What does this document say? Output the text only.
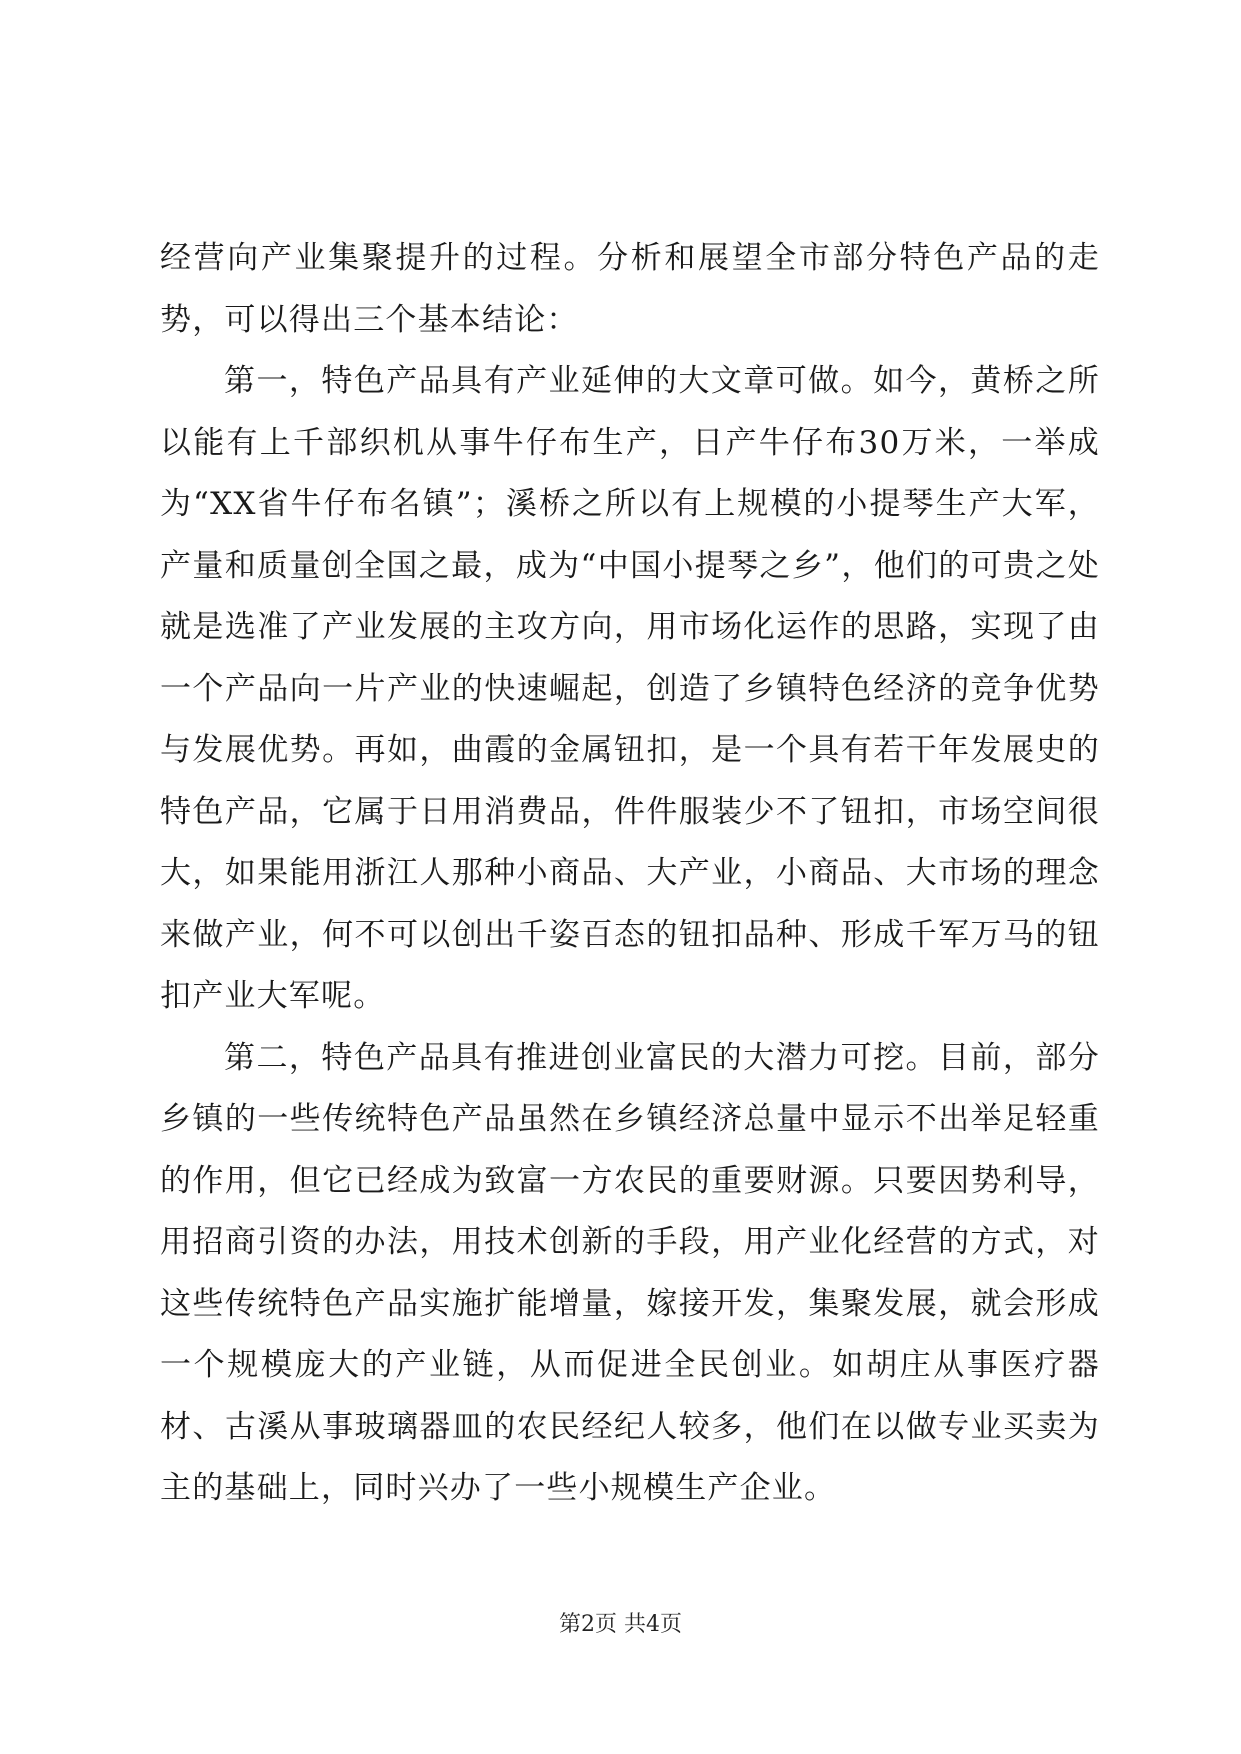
经营向产业集聚提升的过程。分析和展望全市部分特色产品的走势，可以得出三个基本结论：

第一，特色产品具有产业延伸的大文章可做。如今，黄桥之所以能有上千部织机从事牛仔布生产，日产牛仔布30万米，一举成为“XX省牛仔布名镇”；溪桥之所以有上规模的小提琴生产大军，产量和质量创全国之最，成为“中国小提琴之乡”，他们的可贵之处就是选准了产业发展的主攻方向，用市场化运作的思路，实现了由一个产品向一片产业的快速崛起，创造了乡镇特色经济的竞争优势与发展优势。再如，曲霞的金属钮扣，是一个具有若干年发展史的特色产品，它属于日用消费品，件件服装少不了钮扣，市场空间很大，如果能用浙江人那种小商品、大产业，小商品、大市场的理念来做产业，何不可以创出千姿百态的钮扣品种、形成千军万马的钮扣产业大军呢。

第二，特色产品具有推进创业富民的大潜力可挖。目前，部分乡镇的一些传统特色产品虽然在乡镇经济总量中显示不出举足轻重的作用，但它已经成为致富一方农民的重要财源。只要因势利导，用招商引资的办法，用技术创新的手段，用产业化经营的方式，对这些传统特色产品实施扩能增量，嫁接开发，集聚发展，就会形成一个规模庞大的产业链，从而促进全民创业。如胡庄从事医疗器材、古溪从事玻璃器皿的农民经纪人较多，他们在以做专业买卖为主的基础上，同时兴办了一些小规模生产企业。

第2页 共4页
